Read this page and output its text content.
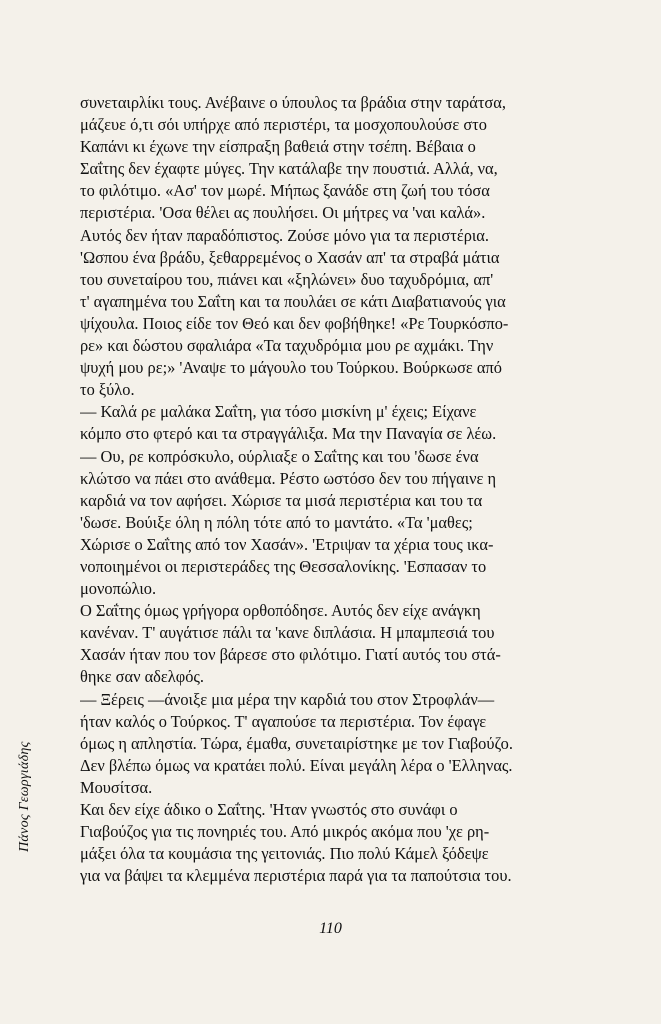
Πάνος Γεωργιάδης
συνεταιρλίκι τους. Ανέβαινε ο ύπουλος τα βράδια στην ταράτσα,
μάζευε ό,τι σόι υπήρχε από περιστέρι, τα μοσχοπουλούσε στο
Καπάνι κι έχωνε την είσπραξη βαθειά στην τσέπη. Βέβαια ο
Σαΐτης δεν έχαφτε μύγες. Την κατάλαβε την πουστιά. Αλλά, να,
το φιλότιμο. «Ασ' τον μωρέ. Μήπως ξανάδε στη ζωή του τόσα
περιστέρια. 'Οσα θέλει ας πουλήσει. Οι μήτρες να 'ναι καλά».
Αυτός δεν ήταν παραδόπιστος. Ζούσε μόνο για τα περιστέρια.
'Ωσπου ένα βράδυ, ξεθαρρεμένος ο Χασάν απ' τα στραβά μάτια
του συνεταίρου του, πιάνει και «ξηλώνει» δυο ταχυδρόμια, απ'
τ' αγαπημένα του Σαΐτη και τα πουλάει σε κάτι Διαβατιανούς για
ψίχουλα. Ποιος είδε τον Θεό και δεν φοβήθηκε! «Ρε Τουρκόσπο-
ρε» και δώστου σφαλιάρα «Τα ταχυδρόμια μου ρε αχμάκι. Την
ψυχή μου ρε;» 'Αναψε το μάγουλο του Τούρκου. Βούρκωσε από
το ξύλο.
— Καλά ρε μαλάκα Σαΐτη, για τόσο μισκίνη μ' έχεις; Είχανε
κόμπο στο φτερό και τα στραγγάλιξα. Μα την Παναγία σε λέω.
— Ου, ρε κοπρόσκυλο, ούρλιαξε ο Σαΐτης και του 'δωσε ένα
κλώτσο να πάει στο ανάθεμα. Ρέστο ωστόσο δεν του πήγαινε η
καρδιά να τον αφήσει. Χώρισε τα μισά περιστέρια και του τα
'δωσε. Βούιξε όλη η πόλη τότε από το μαντάτο. «Τα 'μαθες;
Χώρισε ο Σαΐτης από τον Χασάν». 'Ετριψαν τα χέρια τους ικα-
νοποιημένοι οι περιστεράδες της Θεσσαλονίκης. 'Εσπασαν το
μονοπώλιο.
Ο Σαΐτης όμως γρήγορα ορθοπόδησε. Αυτός δεν είχε ανάγκη
κανέναν. Τ' αυγάτισε πάλι τα 'κανε διπλάσια. Η μπαμπεσιά του
Χασάν ήταν που τον βάρεσε στο φιλότιμο. Γιατί αυτός του στά-
θηκε σαν αδελφός.
— Ξέρεις —άνοιξε μια μέρα την καρδιά του στον Στροφλάν—
ήταν καλός ο Τούρκος. Τ' αγαπούσε τα περιστέρια. Τον έφαγε
όμως η απληστία. Τώρα, έμαθα, συνεταιρίστηκε με τον Γιαβούζο.
Δεν βλέπω όμως να κρατάει πολύ. Είναι μεγάλη λέρα ο 'Ελληνας.
Μουσίτσα.
Και δεν είχε άδικο ο Σαΐτης. 'Ηταν γνωστός στο συνάφι ο
Γιαβούζος για τις πονηριές του. Από μικρός ακόμα που 'χε ρη-
μάξει όλα τα κουμάσια της γειτονιάς. Πιο πολύ Κάμελ ξόδεψε
για να βάψει τα κλεμμένα περιστέρια παρά για τα παπούτσια του.
110
